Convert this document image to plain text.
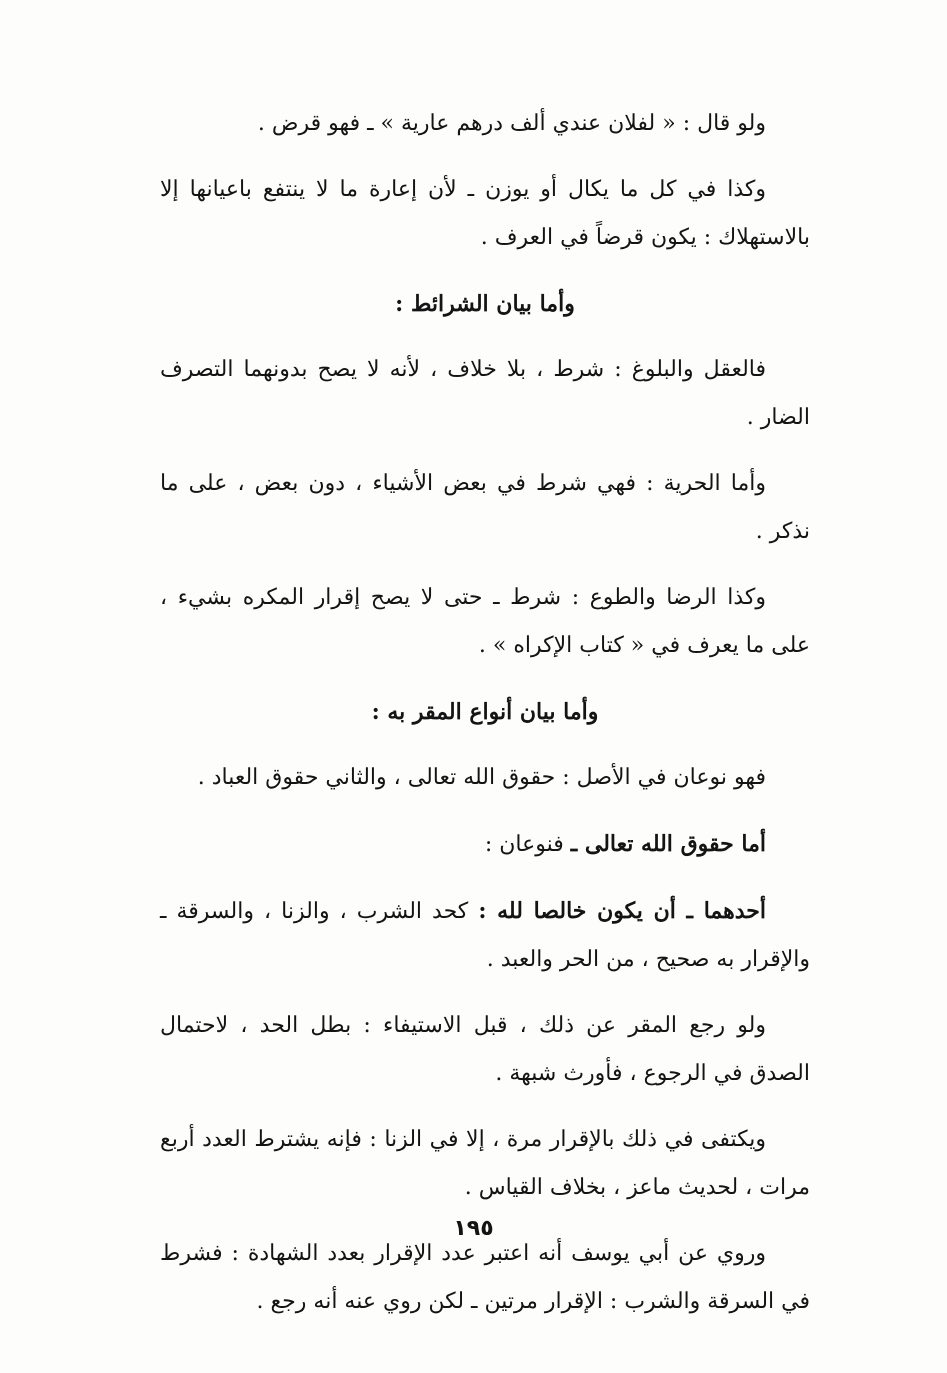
ولو قال : « لفلان عندي ألف درهم عارية » ـ فهو قرض .

وكذا في كل ما يكال أو يوزن ـ لأن إعارة ما لا ينتفع باعيانها إلا بالاستهلاك : يكون قرضاً في العرف .

وأما بيان الشرائط :

فالعقل والبلوغ : شرط ، بلا خلاف ، لأنه لا يصح بدونهما التصرف الضار .

وأما الحرية : فهي شرط في بعض الأشياء ، دون بعض ، على ما نذكر .

وكذا الرضا والطوع : شرط ـ حتى لا يصح إقرار المكره بشيء ، على ما يعرف في « كتاب الإكراه » .

وأما بيان أنواع المقر به :

فهو نوعان في الأصل : حقوق الله تعالى ، والثاني حقوق العباد .

أما حقوق الله تعالى ـ فنوعان :

أحدهما ـ أن يكون خالصا لله : كحد الشرب ، والزنا ، والسرقة ـ والإقرار به صحيح ، من الحر والعبد .

ولو رجع المقر عن ذلك ، قبل الاستيفاء : بطل الحد ، لاحتمال الصدق في الرجوع ، فأورث شبهة .

ويكتفى في ذلك بالإقرار مرة ، إلا في الزنا : فإنه يشترط العدد أربع مرات ، لحديث ماعز ، بخلاف القياس .

وروي عن أبي يوسف أنه اعتبر عدد الإقرار بعدد الشهادة : فشرط في السرقة والشرب : الإقرار مرتين ـ لكن روي عنه أنه رجع .

١٩٥
